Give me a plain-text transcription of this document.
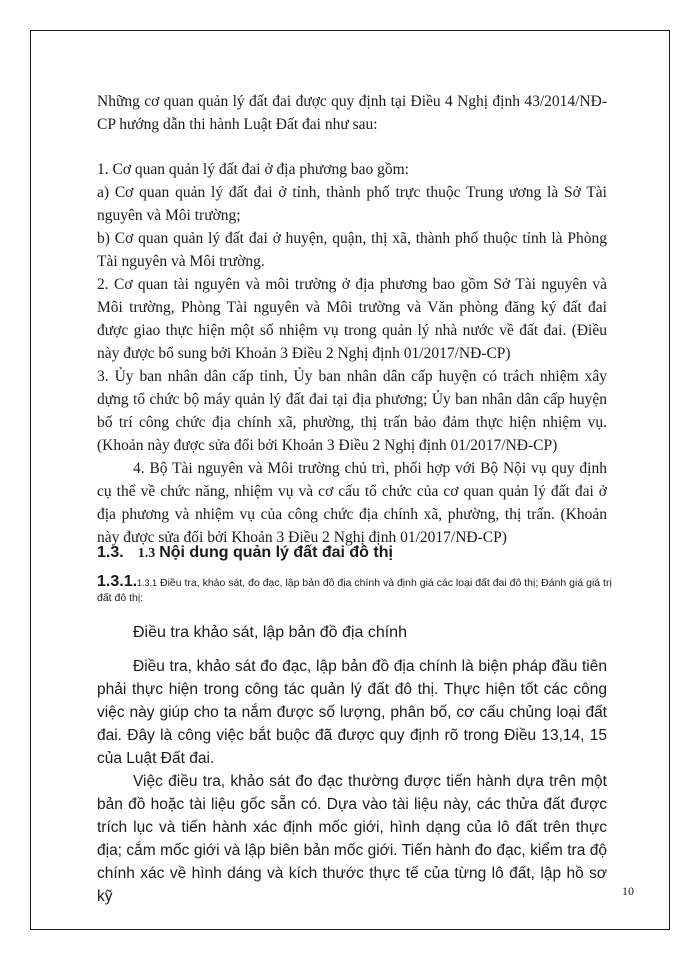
Những cơ quan quản lý đất đai được quy định tại Điều 4 Nghị định 43/2014/NĐ-CP hướng dẫn thi hành Luật Đất đai như sau:

1. Cơ quan quản lý đất đai ở địa phương bao gồm:

a) Cơ quan quản lý đất đai ở tỉnh, thành phố trực thuộc Trung ương là Sở Tài nguyên và Môi trường;

b) Cơ quan quản lý đất đai ở huyện, quận, thị xã, thành phố thuộc tỉnh là Phòng Tài nguyên và Môi trường.

2. Cơ quan tài nguyên và môi trường ở địa phương bao gồm Sở Tài nguyên và Môi trường, Phòng Tài nguyên và Môi trường và Văn phòng đăng ký đất đai được giao thực hiện một số nhiệm vụ trong quản lý nhà nước về đất đai. (Điều này được bổ sung bởi Khoản 3 Điều 2 Nghị định 01/2017/NĐ-CP)

3. Ủy ban nhân dân cấp tỉnh, Ủy ban nhân dân cấp huyện có trách nhiệm xây dựng tổ chức bộ máy quản lý đất đai tại địa phương; Ủy ban nhân dân cấp huyện bố trí công chức địa chính xã, phường, thị trấn bảo đảm thực hiện nhiệm vụ. (Khoản này được sửa đổi bởi Khoản 3 Điều 2 Nghị định 01/2017/NĐ-CP)

4. Bộ Tài nguyên và Môi trường chủ trì, phối hợp với Bộ Nội vụ quy định cụ thể về chức năng, nhiệm vụ và cơ cấu tổ chức của cơ quan quản lý đất đai ở địa phương và nhiệm vụ của công chức địa chính xã, phường, thị trấn. (Khoản này được sửa đổi bởi Khoản 3 Điều 2 Nghị định 01/2017/NĐ-CP)

1.3. 1.3 Nội dung quản lý đất đai đô thị
1.3.1.1.3.1 Điều tra, khảo sát, đo đạc, lập bản đồ địa chính và định giá các loại đất đai đô thị; Đánh giá giá trị đất đô thị:
Điều tra khảo sát, lập bản đồ địa chính

Điều tra, khảo sát đo đạc, lập bản đồ địa chính là biện pháp đầu tiên phải thực hiện trong công tác quản lý đất đô thị. Thực hiện tốt các công việc này giúp cho ta nắm được số lượng, phân bố, cơ cấu chủng loại đất đai. Đây là công việc bắt buộc đã được quy định rõ trong Điều 13,14, 15 của Luật Đất đai.

Việc điều tra, khảo sát đo đạc thường được tiến hành dựa trên một bản đồ hoặc tài liệu gốc sẵn có. Dựa vào tài liệu này, các thửa đất được trích lục và tiến hành xác định mốc giới, hình dạng của lô đất trên thực địa; cắm mốc giới và lập biên bản mốc giới. Tiến hành đo đạc, kiểm tra độ chính xác về hình dáng và kích thước thực tế của từng lô đất, lập hồ sơ kỹ	10
